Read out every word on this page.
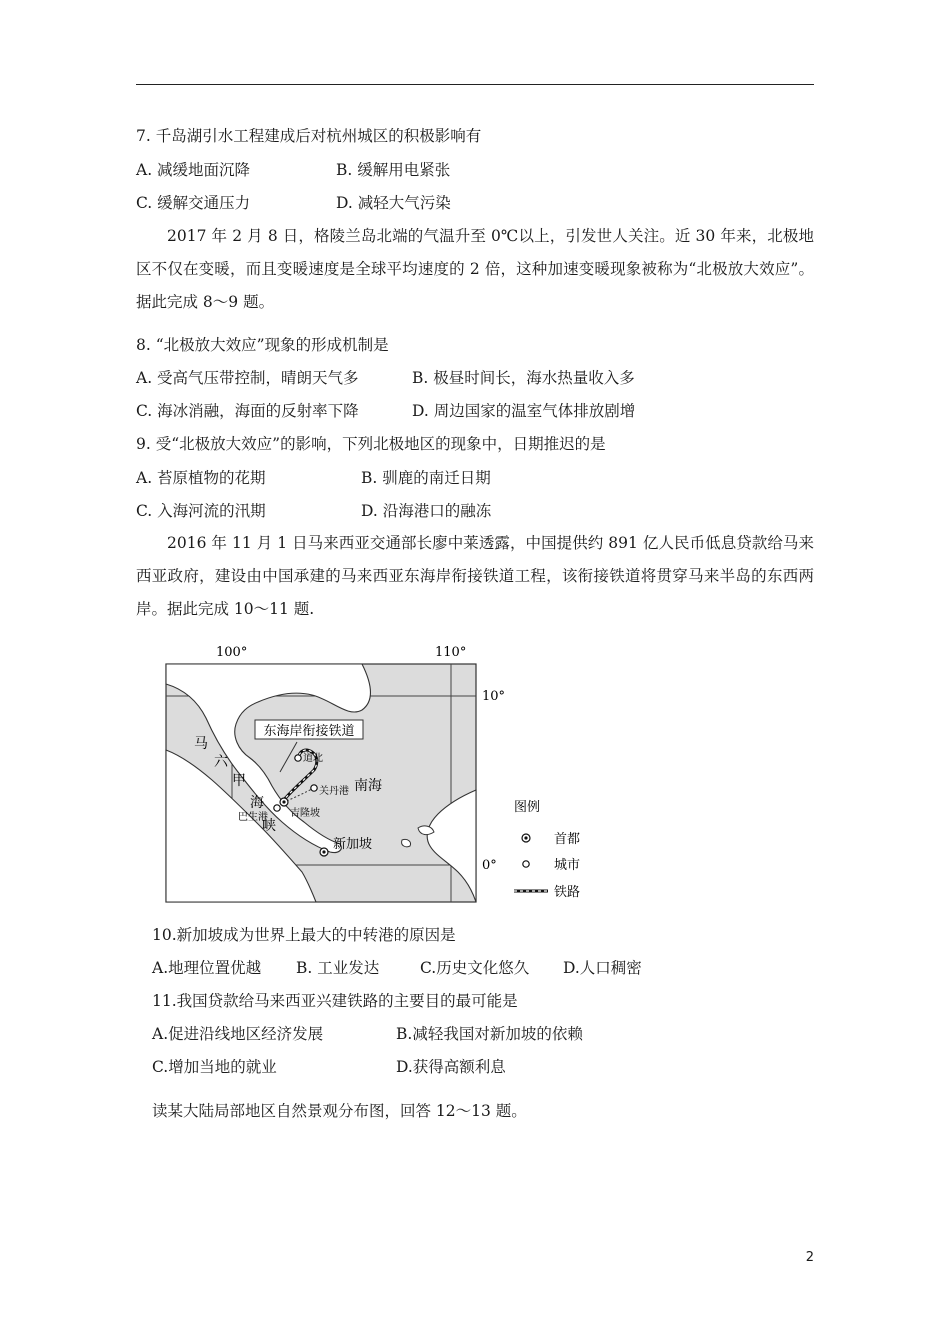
7. 千岛湖引水工程建成后对杭州城区的积极影响有
A. 减缓地面沉降	B. 缓解用电紧张
C. 缓解交通压力	D. 减轻大气污染
2017 年 2 月 8 日，格陵兰岛北端的气温升至 0℃以上，引发世人关注。近 30 年来，北极地区不仅在变暖，而且变暖速度是全球平均速度的 2 倍，这种加速变暖现象被称为“北极放大效应”。据此完成 8～9 题。
8. “北极放大效应”现象的形成机制是
A. 受高气压带控制，晴朗天气多	B. 极昼时间长，海水热量收入多
C. 海冰消融，海面的反射率下降	D. 周边国家的温室气体排放剧增
9. 受“北极放大效应”的影响，下列北极地区的现象中，日期推迟的是
A. 苔原植物的花期	B. 驯鹿的南迁日期
C. 入海河流的汛期	D. 沿海港口的融冻
2016 年 11 月 1 日马来西亚交通部长廖中莱透露，中国提供约 891 亿人民币低息贷款给马来西亚政府，建设由中国承建的马来西亚东海岸衔接铁道工程，该衔接铁道将贯穿马来半岛的东西两岸。据此完成 10～11 题.
东海岸衔接铁道
道北
关丹港
吉隆坡
巴生港
新加坡
马
六
甲
海
峡
南海
100°	110°
10°
0°
图例
首都
城市
铁路
10.新加坡成为世界上最大的中转港的原因是
A.地理位置优越 B. 工业发达	C.历史文化悠久 D.人口稠密
11.我国贷款给马来西亚兴建铁路的主要目的最可能是
A.促进沿线地区经济发展	B.减轻我国对新加坡的依赖
C.增加当地的就业	D.获得高额利息
读某大陆局部地区自然景观分布图，回答 12～13 题。
2
